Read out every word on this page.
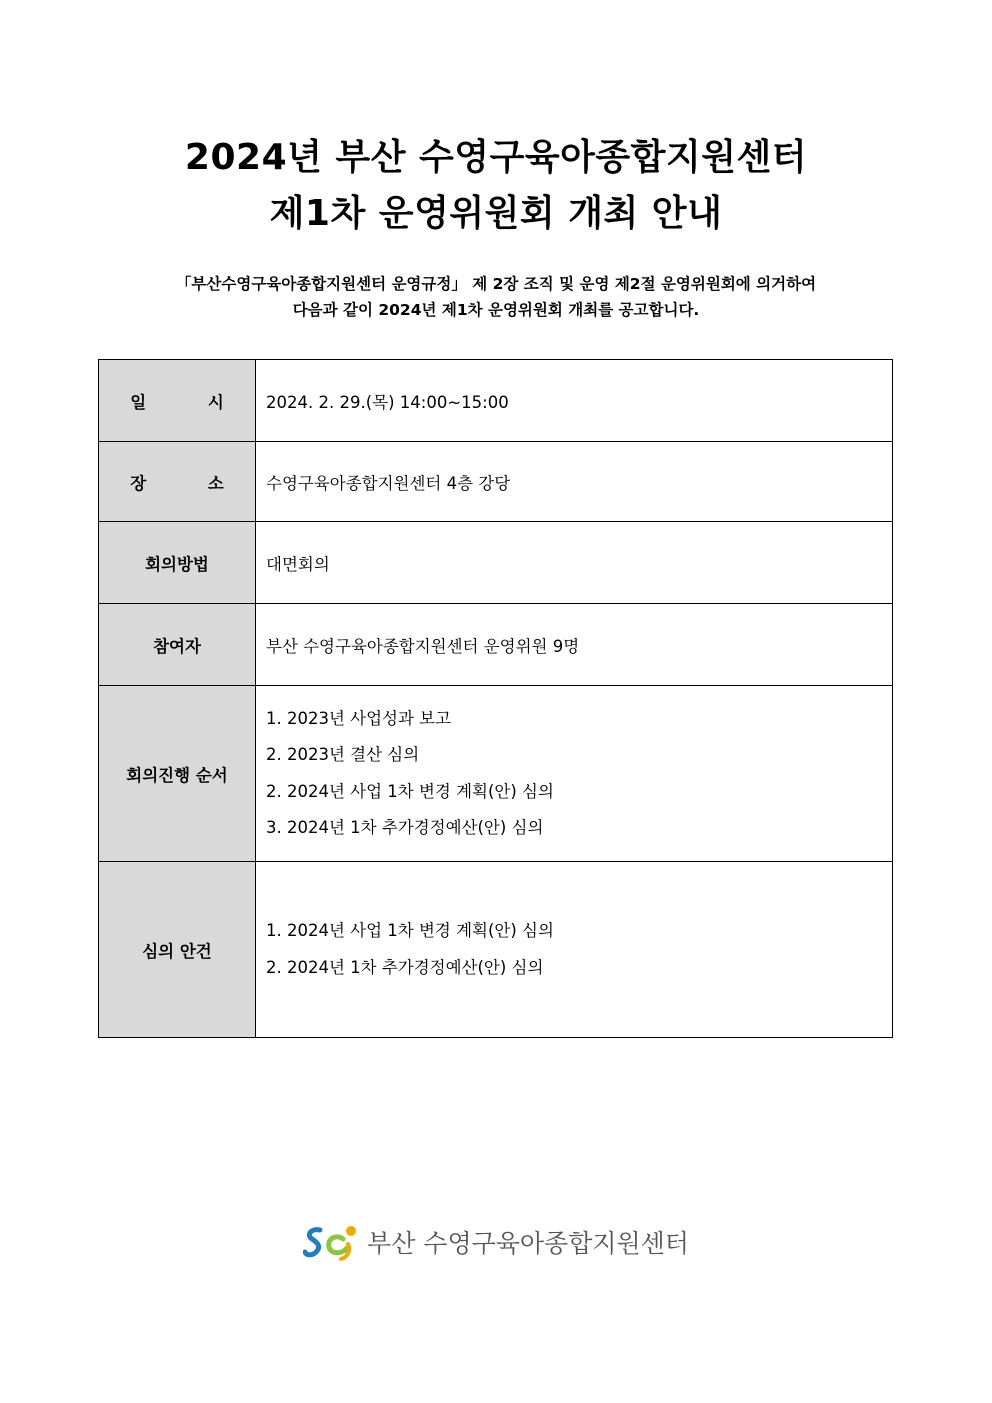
2024년 부산 수영구육아종합지원센터
제1차 운영위원회 개최 안내
「부산수영구육아종합지원센터 운영규정」 제 2장 조직 및 운영 제2절 운영위원회에 의거하여
다음과 같이 2024년 제1차 운영위원회 개최를 공고합니다.
일 시	2024. 2. 29.(목) 14:00~15:00
장 소	수영구육아종합지원센터 4층 강당
회의방법	대면회의
참여자	부산 수영구육아종합지원센터 운영위원 9명
회의진행 순서	1. 2023년 사업성과 보고
2. 2023년 결산 심의
2. 2024년 사업 1차 변경 계획(안) 심의
3. 2024년 1차 추가경정예산(안) 심의

심의 안건	1. 2024년 사업 1차 변경 계획(안) 심의
2. 2024년 1차 추가경정예산(안) 심의
부산 수영구육아종합지원센터
